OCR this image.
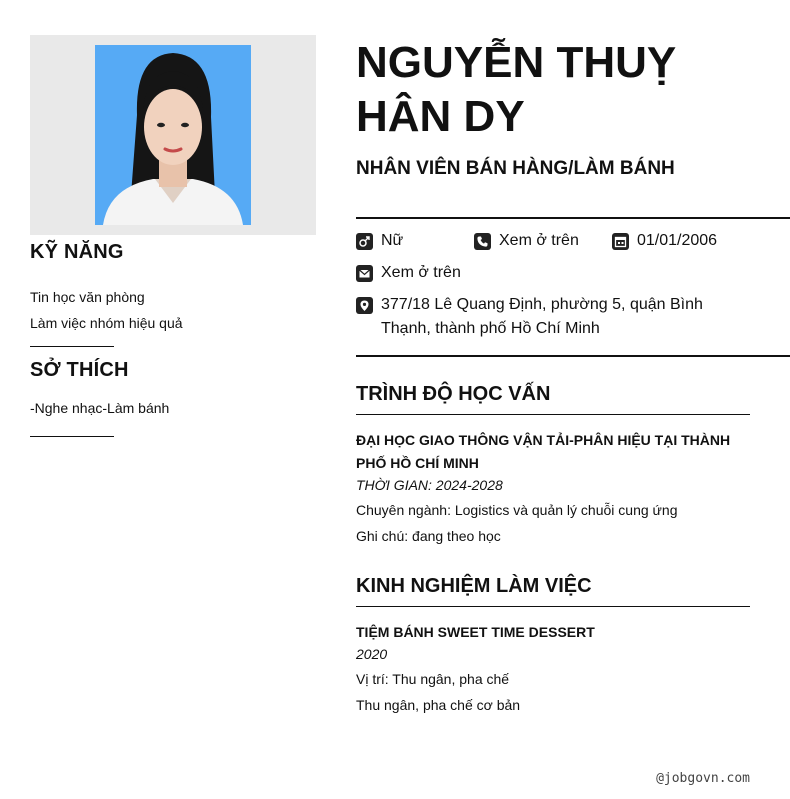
KỸ NĂNG
Tin học văn phòng
Làm việc nhóm hiệu quả
SỞ THÍCH
-Nghe nhạc-Làm bánh
NGUYỄN THUỴ HÂN DY
NHÂN VIÊN BÁN HÀNG/LÀM BÁNH
Nữ	Xem ở trên	01/01/2006
Xem ở trên
377/18 Lê Quang Định, phường 5, quận Bình Thạnh, thành phố Hồ Chí Minh
TRÌNH ĐỘ HỌC VẤN
ĐẠI HỌC GIAO THÔNG VẬN TẢI-PHÂN HIỆU TẠI THÀNH PHỐ HỒ CHÍ MINH
THỜI GIAN: 2024-2028
Chuyên ngành: Logistics và quản lý chuỗi cung ứng
Ghi chú: đang theo học
KINH NGHIỆM LÀM VIỆC
TIỆM BÁNH SWEET TIME DESSERT
2020
Vị trí: Thu ngân, pha chế
Thu ngân, pha chế cơ bản
@jobgovn.com
